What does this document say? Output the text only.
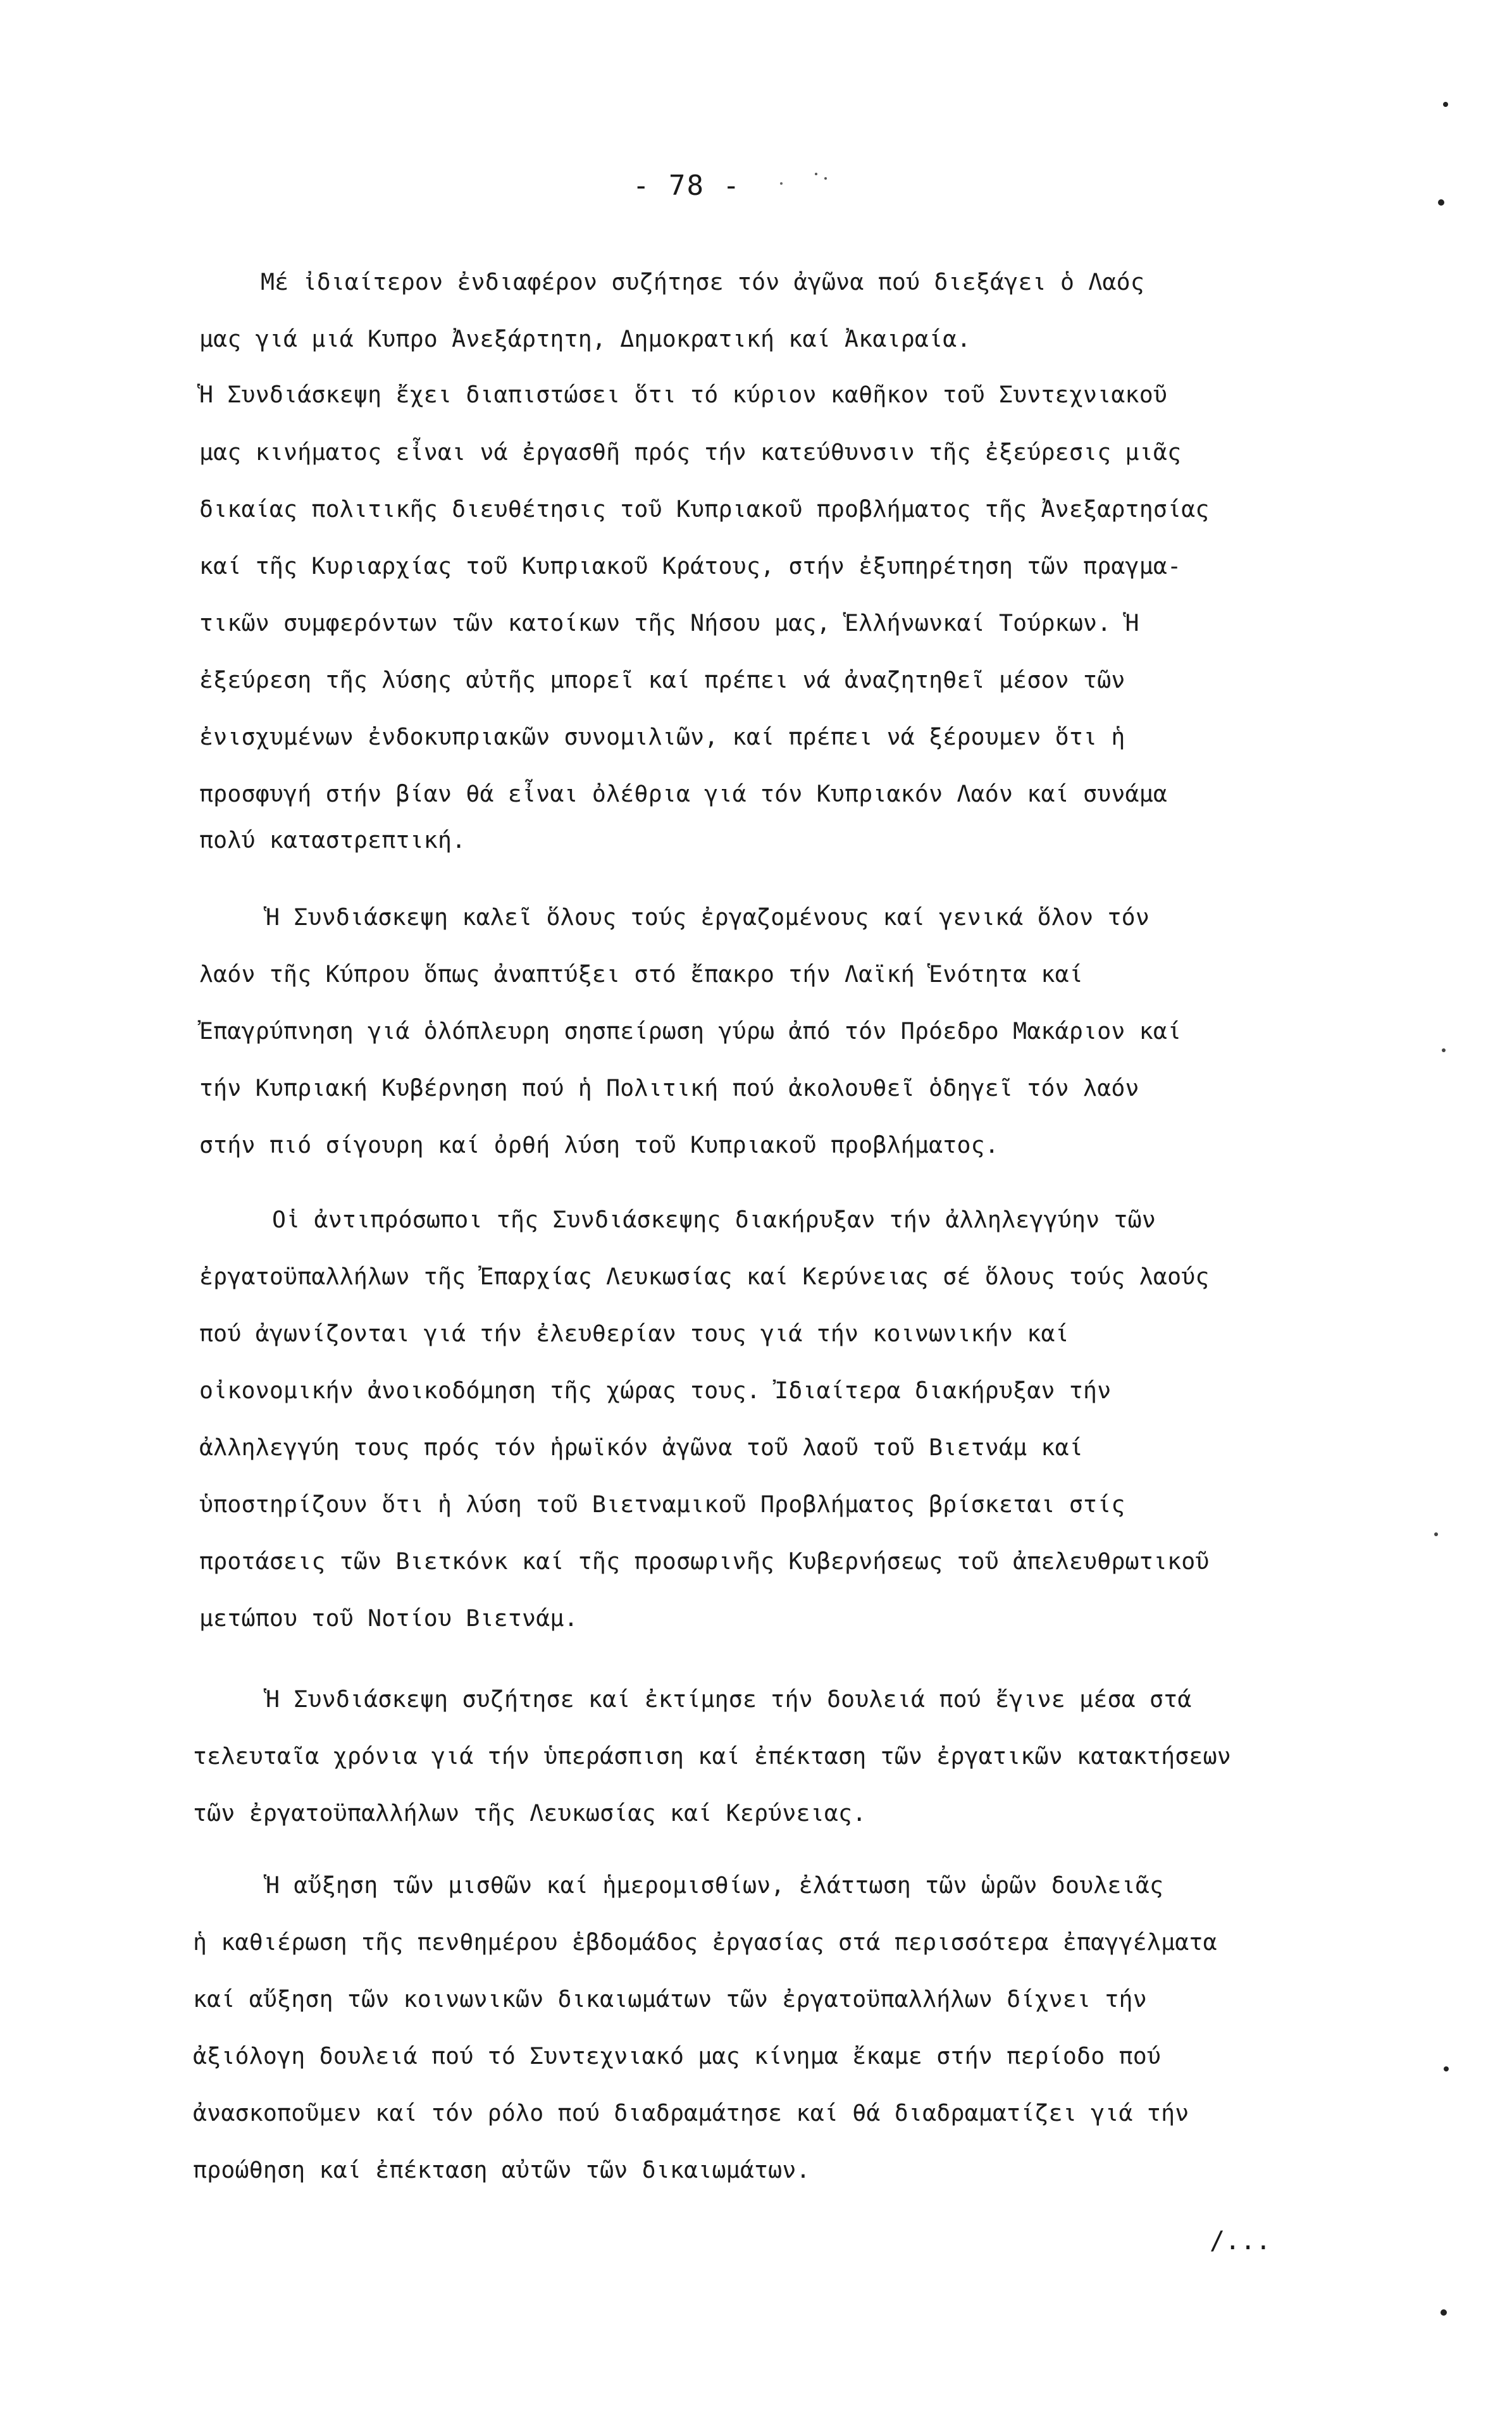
- 78 -
Μέ ἰδιαίτερον ἐνδιαφέρον συζήτησε τόν ἀγῶνα πού διεξάγει ὁ Λαός
μας γιά μιά Κυπρο Ἀνεξάρτητη, Δημοκρατική καί Ἀκαιραία.
Ἡ Συνδιάσκεψη ἔχει διαπιστώσει ὅτι τό κύριον καθῆκον τοῦ Συντεχνιακοῦ
μας κινήματος εἶναι νά ἐργασθῆ πρός τήν κατεύθυνσιν τῆς ἐξεύρεσις μιᾶς
δικαίας πολιτικῆς διευθέτησις τοῦ Κυπριακοῦ προβλήματος τῆς Ἀνεξαρτησίας
καί τῆς Κυριαρχίας τοῦ Κυπριακοῦ Κράτους, στήν ἐξυπηρέτηση τῶν πραγμα-
τικῶν συμφερόντων τῶν κατοίκων τῆς Νήσου μας, Ἑλλήνωνκαί Τούρκων. Ἡ
ἐξεύρεση τῆς λύσης αὐτῆς μπορεῖ καί πρέπει νά ἀναζητηθεῖ μέσον τῶν
ἐνισχυμένων ἐνδοκυπριακῶν συνομιλιῶν, καί πρέπει νά ξέρουμεν ὅτι ἡ
προσφυγή στήν βίαν θά εἶναι ὀλέθρια γιά τόν Κυπριακόν Λαόν καί συνάμα
πολύ καταστρεπτική.
Ἡ Συνδιάσκεψη καλεῖ ὅλους τούς ἐργαζομένους καί γενικά ὅλον τόν
λαόν τῆς Κύπρου ὅπως ἀναπτύξει στό ἔπακρο τήν Λαϊκή Ἑνότητα καί
Ἐπαγρύπνηση γιά ὁλόπλευρη σησπείρωση γύρω ἀπό τόν Πρόεδρο Μακάριον καί
τήν Κυπριακή Κυβέρνηση πού ἡ Πολιτική πού ἀκολουθεῖ ὁδηγεῖ τόν λαόν
στήν πιό σίγουρη καί ὀρθή λύση τοῦ Κυπριακοῦ προβλήματος.
Οἱ ἀντιπρόσωποι τῆς Συνδιάσκεψης διακήρυξαν τήν ἀλληλεγγύην τῶν
ἐργατοϋπαλλήλων τῆς Ἐπαρχίας Λευκωσίας καί Κερύνειας σέ ὅλους τούς λαούς
πού ἀγωνίζονται γιά τήν ἐλευθερίαν τους γιά τήν κοινωνικήν καί
οἰκονομικήν ἀνοικοδόμηση τῆς χώρας τους. Ἰδιαίτερα διακήρυξαν τήν
ἀλληλεγγύη τους πρός τόν ἡρωϊκόν ἀγῶνα τοῦ λαοῦ τοῦ Βιετνάμ καί
ὑποστηρίζουν ὅτι ἡ λύση τοῦ Βιετναμικοῦ Προβλήματος βρίσκεται στίς
προτάσεις τῶν Βιετκόνκ καί τῆς προσωρινῆς Κυβερνήσεως τοῦ ἀπελευθρωτικοῦ
μετώπου τοῦ Νοτίου Βιετνάμ.
Ἡ Συνδιάσκεψη συζήτησε καί ἐκτίμησε τήν δουλειά πού ἔγινε μέσα στά
τελευταῖα χρόνια γιά τήν ὑπεράσπιση καί ἐπέκταση τῶν ἐργατικῶν κατακτήσεων
τῶν ἐργατοϋπαλλήλων τῆς Λευκωσίας καί Κερύνειας.
Ἡ αὔξηση τῶν μισθῶν καί ἡμερομισθίων, ἐλάττωση τῶν ὡρῶν δουλειᾶς
ἡ καθιέρωση τῆς πενθημέρου ἑβδομάδος ἐργασίας στά περισσότερα ἐπαγγέλματα
καί αὔξηση τῶν κοινωνικῶν δικαιωμάτων τῶν ἐργατοϋπαλλήλων δίχνει τήν
ἀξιόλογη δουλειά πού τό Συντεχνιακό μας κίνημα ἔκαμε στήν περίοδο πού
ἀνασκοποῦμεν καί τόν ρόλο πού διαδραμάτησε καί θά διαδραματίζει γιά τήν
προώθηση καί ἐπέκταση αὐτῶν τῶν δικαιωμάτων.
/...
